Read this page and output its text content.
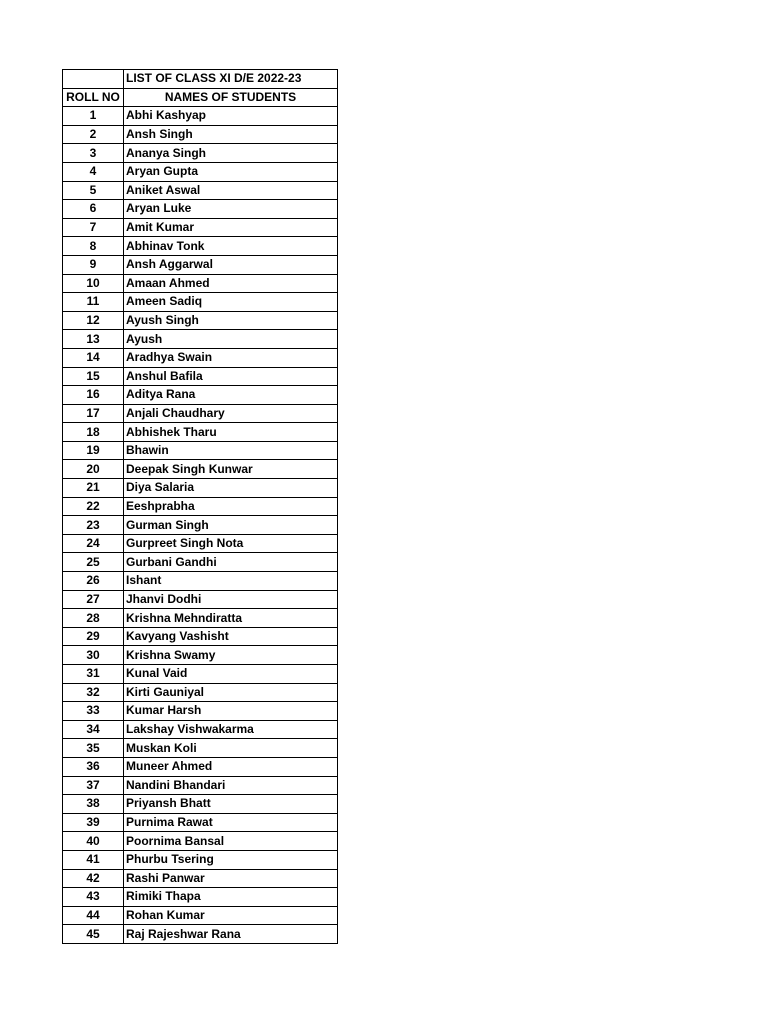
	LIST OF CLASS XI D/E 2022-23
ROLL NO	NAMES OF STUDENTS
1	Abhi Kashyap
2	Ansh Singh
3	Ananya Singh
4	Aryan Gupta
5	Aniket Aswal
6	Aryan Luke
7	Amit Kumar
8	Abhinav Tonk
9	Ansh Aggarwal
10	Amaan Ahmed
11	Ameen Sadiq
12	Ayush Singh
13	Ayush
14	Aradhya Swain
15	Anshul Bafila
16	Aditya Rana
17	Anjali Chaudhary
18	Abhishek Tharu
19	Bhawin
20	Deepak Singh Kunwar
21	Diya Salaria
22	Eeshprabha
23	Gurman Singh
24	Gurpreet Singh Nota
25	Gurbani Gandhi
26	Ishant
27	Jhanvi Dodhi
28	Krishna Mehndiratta
29	Kavyang Vashisht
30	Krishna Swamy
31	Kunal Vaid
32	Kirti Gauniyal
33	Kumar Harsh
34	Lakshay Vishwakarma
35	Muskan Koli
36	Muneer Ahmed
37	Nandini Bhandari
38	Priyansh Bhatt
39	Purnima Rawat
40	Poornima Bansal
41	Phurbu Tsering
42	Rashi Panwar
43	Rimiki Thapa
44	Rohan Kumar
45	Raj Rajeshwar Rana
